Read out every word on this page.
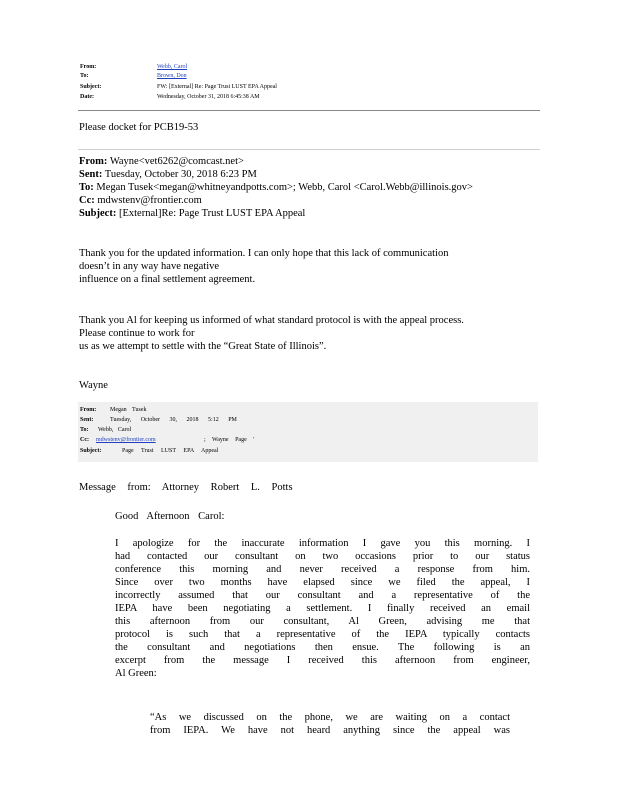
From:	Webb, Carol
To:	Brown, Don
Subject:	FW: [External] Re: Page Trust LUST EPA Appeal
Date:	Wednesday, October 31, 2018 6:45:38 AM
Please docket for PCB19-53
From: Wayne<vet6262@comcast.net>
Sent: Tuesday, October 30, 2018 6:23 PM
To: Megan Tusek<megan@whitneyandpotts.com>; Webb, Carol <Carol.Webb@illinois.gov>
Cc: mdwstenv@frontier.com
Subject: [External]Re: Page Trust LUST EPA Appeal
Thank you for the updated information. I can only hope that this lack of communication
doesn’t in any way have negative
influence on a final settlement agreement.
Thank you Al for keeping us informed of what standard protocol is with the appeal process.
Please continue to work for
us as we attempt to settle with the “Great State of Illinois”.
Wayne
From: Megan Tusek
Sent:	Tuesday, October 30, 2018 5:12 PM
To: Webb, Carol
Cc: mdwstenv@frontier.com	; Wayne Page '
Subject:	Page Trust LUST EPA Appeal
Message from: Attorney Robert L. Potts
Good Afternoon Carol:
I apologize for the inaccurate information I gave you this morning. I
had contacted our consultant on two occasions prior to our status
conference this morning and never received a response from him.
Since over two months have elapsed since we filed the appeal, I
incorrectly assumed that our consultant and a representative of the
IEPA have been negotiating a settlement. I finally received an email
this afternoon from our consultant, Al Green, advising me that
protocol is such that a representative of the IEPA typically contacts
the consultant and negotiations then ensue. The following is an
excerpt from the message I received this afternoon from engineer,
Al Green:
“As we discussed on the phone, we are waiting on a contact
from IEPA. We have not heard anything since the appeal was
